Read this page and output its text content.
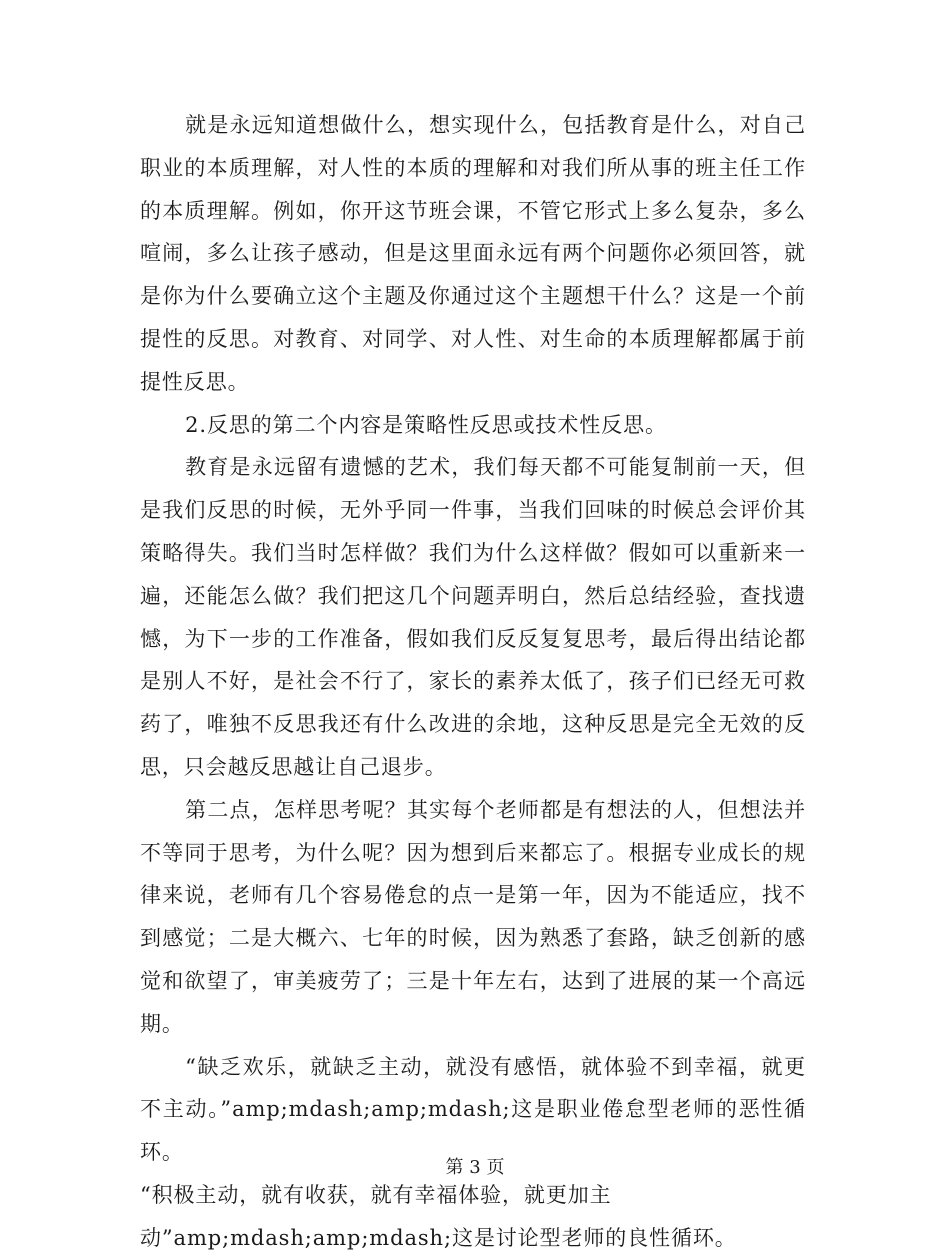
就是永远知道想做什么，想实现什么，包括教育是什么，对自己职业的本质理解，对人性的本质的理解和对我们所从事的班主任工作的本质理解。例如，你开这节班会课，不管它形式上多么复杂，多么喧闹，多么让孩子感动，但是这里面永远有两个问题你必须回答，就是你为什么要确立这个主题及你通过这个主题想干什么？这是一个前提性的反思。对教育、对同学、对人性、对生命的本质理解都属于前提性反思。

2.反思的第二个内容是策略性反思或技术性反思。

教育是永远留有遗憾的艺术，我们每天都不可能复制前一天，但是我们反思的时候，无外乎同一件事，当我们回味的时候总会评价其策略得失。我们当时怎样做？我们为什么这样做？假如可以重新来一遍，还能怎么做？我们把这几个问题弄明白，然后总结经验，查找遗憾，为下一步的工作准备，假如我们反反复复思考，最后得出结论都是别人不好，是社会不行了，家长的素养太低了，孩子们已经无可救药了，唯独不反思我还有什么改进的余地，这种反思是完全无效的反思，只会越反思越让自己退步。

第二点，怎样思考呢？其实每个老师都是有想法的人，但想法并不等同于思考，为什么呢？因为想到后来都忘了。根据专业成长的规律来说，老师有几个容易倦怠的点一是第一年，因为不能适应，找不到感觉；二是大概六、七年的时候，因为熟悉了套路，缺乏创新的感觉和欲望了，审美疲劳了；三是十年左右，达到了进展的某一个高远期。

“缺乏欢乐，就缺乏主动，就没有感悟，就体验不到幸福，就更不主动。”amp;mdash;amp;mdash;这是职业倦怠型老师的恶性循环。

“积极主动，就有收获，就有幸福体验，就更加主
动”amp;mdash;amp;mdash;这是讨论型老师的良性循环。

第 3 页
